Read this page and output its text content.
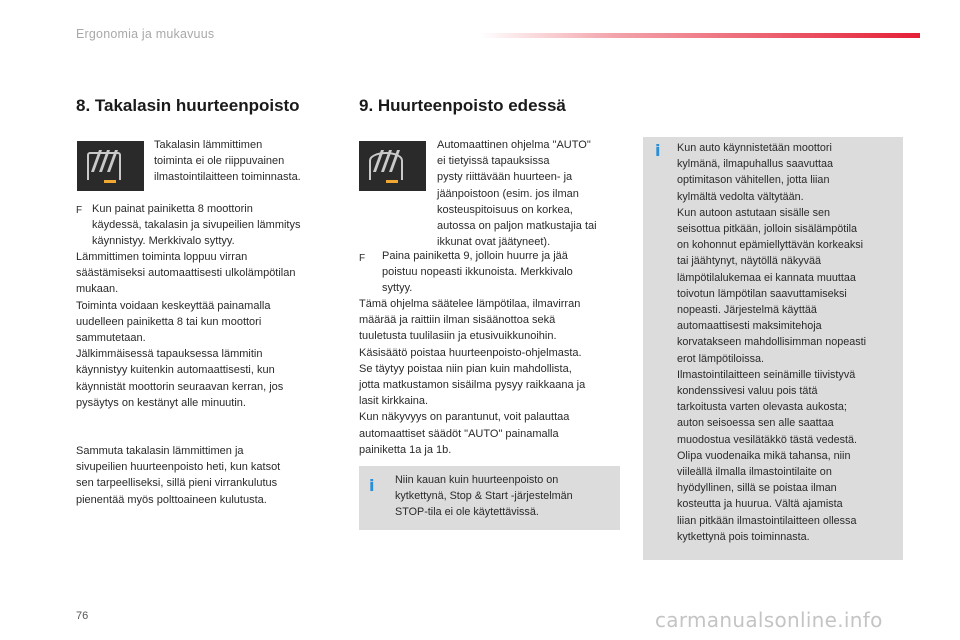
Ergonomia ja mukavuus
8. Takalasin huurteenpoisto
Takalasin lämmittimen
toiminta ei ole riippuvainen
ilmastointilaitteen toiminnasta.
F Kun painat painiketta 8 moottorin
käydessä, takalasin ja sivupeilien lämmitys
käynnistyy. Merkkivalo syttyy.
Lämmittimen toiminta loppuu virran
säästämiseksi automaattisesti ulkolämpötilan
mukaan.
Toiminta voidaan keskeyttää painamalla
uudelleen painiketta 8 tai kun moottori
sammutetaan.
Jälkimmäisessä tapauksessa lämmitin
käynnistyy kuitenkin automaattisesti, kun
käynnistät moottorin seuraavan kerran, jos
pysäytys on kestänyt alle minuutin.
Sammuta takalasin lämmittimen ja
sivupeilien huurteenpoisto heti, kun katsot
sen tarpeelliseksi, sillä pieni virrankulutus
pienentää myös polttoaineen kulutusta.
9. Huurteenpoisto edessä
Automaattinen ohjelma "AUTO"
ei tietyissä tapauksissa
pysty riittävään huurteen- ja
jäänpoistoon (esim. jos ilman
kosteuspitoisuus on korkea,
autossa on paljon matkustajia tai
ikkunat ovat jäätyneet).
F Paina painiketta 9, jolloin huurre ja jää
poistuu nopeasti ikkunoista. Merkkivalo
syttyy.
Tämä ohjelma säätelee lämpötilaa, ilmavirran
määrää ja raittiin ilman sisäänottoa sekä
tuuletusta tuulilasiin ja etusivuikkunoihin.
Käsisäätö poistaa huurteenpoisto-ohjelmasta.
Se täytyy poistaa niin pian kuin mahdollista,
jotta matkustamon sisäilma pysyy raikkaana ja
lasit kirkkaina.
Kun näkyvyys on parantunut, voit palauttaa
automaattiset säädöt "AUTO" painamalla
painiketta 1a ja 1b.
i Niin kauan kuin huurteenpoisto on
kytkettynä, Stop & Start -järjestelmän
STOP-tila ei ole käytettävissä.
i Kun auto käynnistetään moottori
kylmänä, ilmapuhallus saavuttaa
optimitason vähitellen, jotta liian
kylmältä vedolta vältytään.
Kun autoon astutaan sisälle sen
seisottua pitkään, jolloin sisälämpötila
on kohonnut epämiellyttävän korkeaksi
tai jäähtynyt, näytöllä näkyvää
lämpötilalukemaa ei kannata muuttaa
toivotun lämpötilan saavuttamiseksi
nopeasti. Järjestelmä käyttää
automaattisesti maksimitehoja
korvatakseen mahdollisimman nopeasti
erot lämpötiloissa.
Ilmastointilaitteen seinämille tiivistyvä
kondenssivesi valuu pois tätä
tarkoitusta varten olevasta aukosta;
auton seisoessa sen alle saattaa
muodostua vesilätäkkö tästä vedestä.
Olipa vuodenaika mikä tahansa, niin
viileällä ilmalla ilmastointilaite on
hyödyllinen, sillä se poistaa ilman
kosteutta ja huurua. Vältä ajamista
liian pitkään ilmastointilaitteen ollessa
kytkettynä pois toiminnasta.
76	carmanualsonline.info
